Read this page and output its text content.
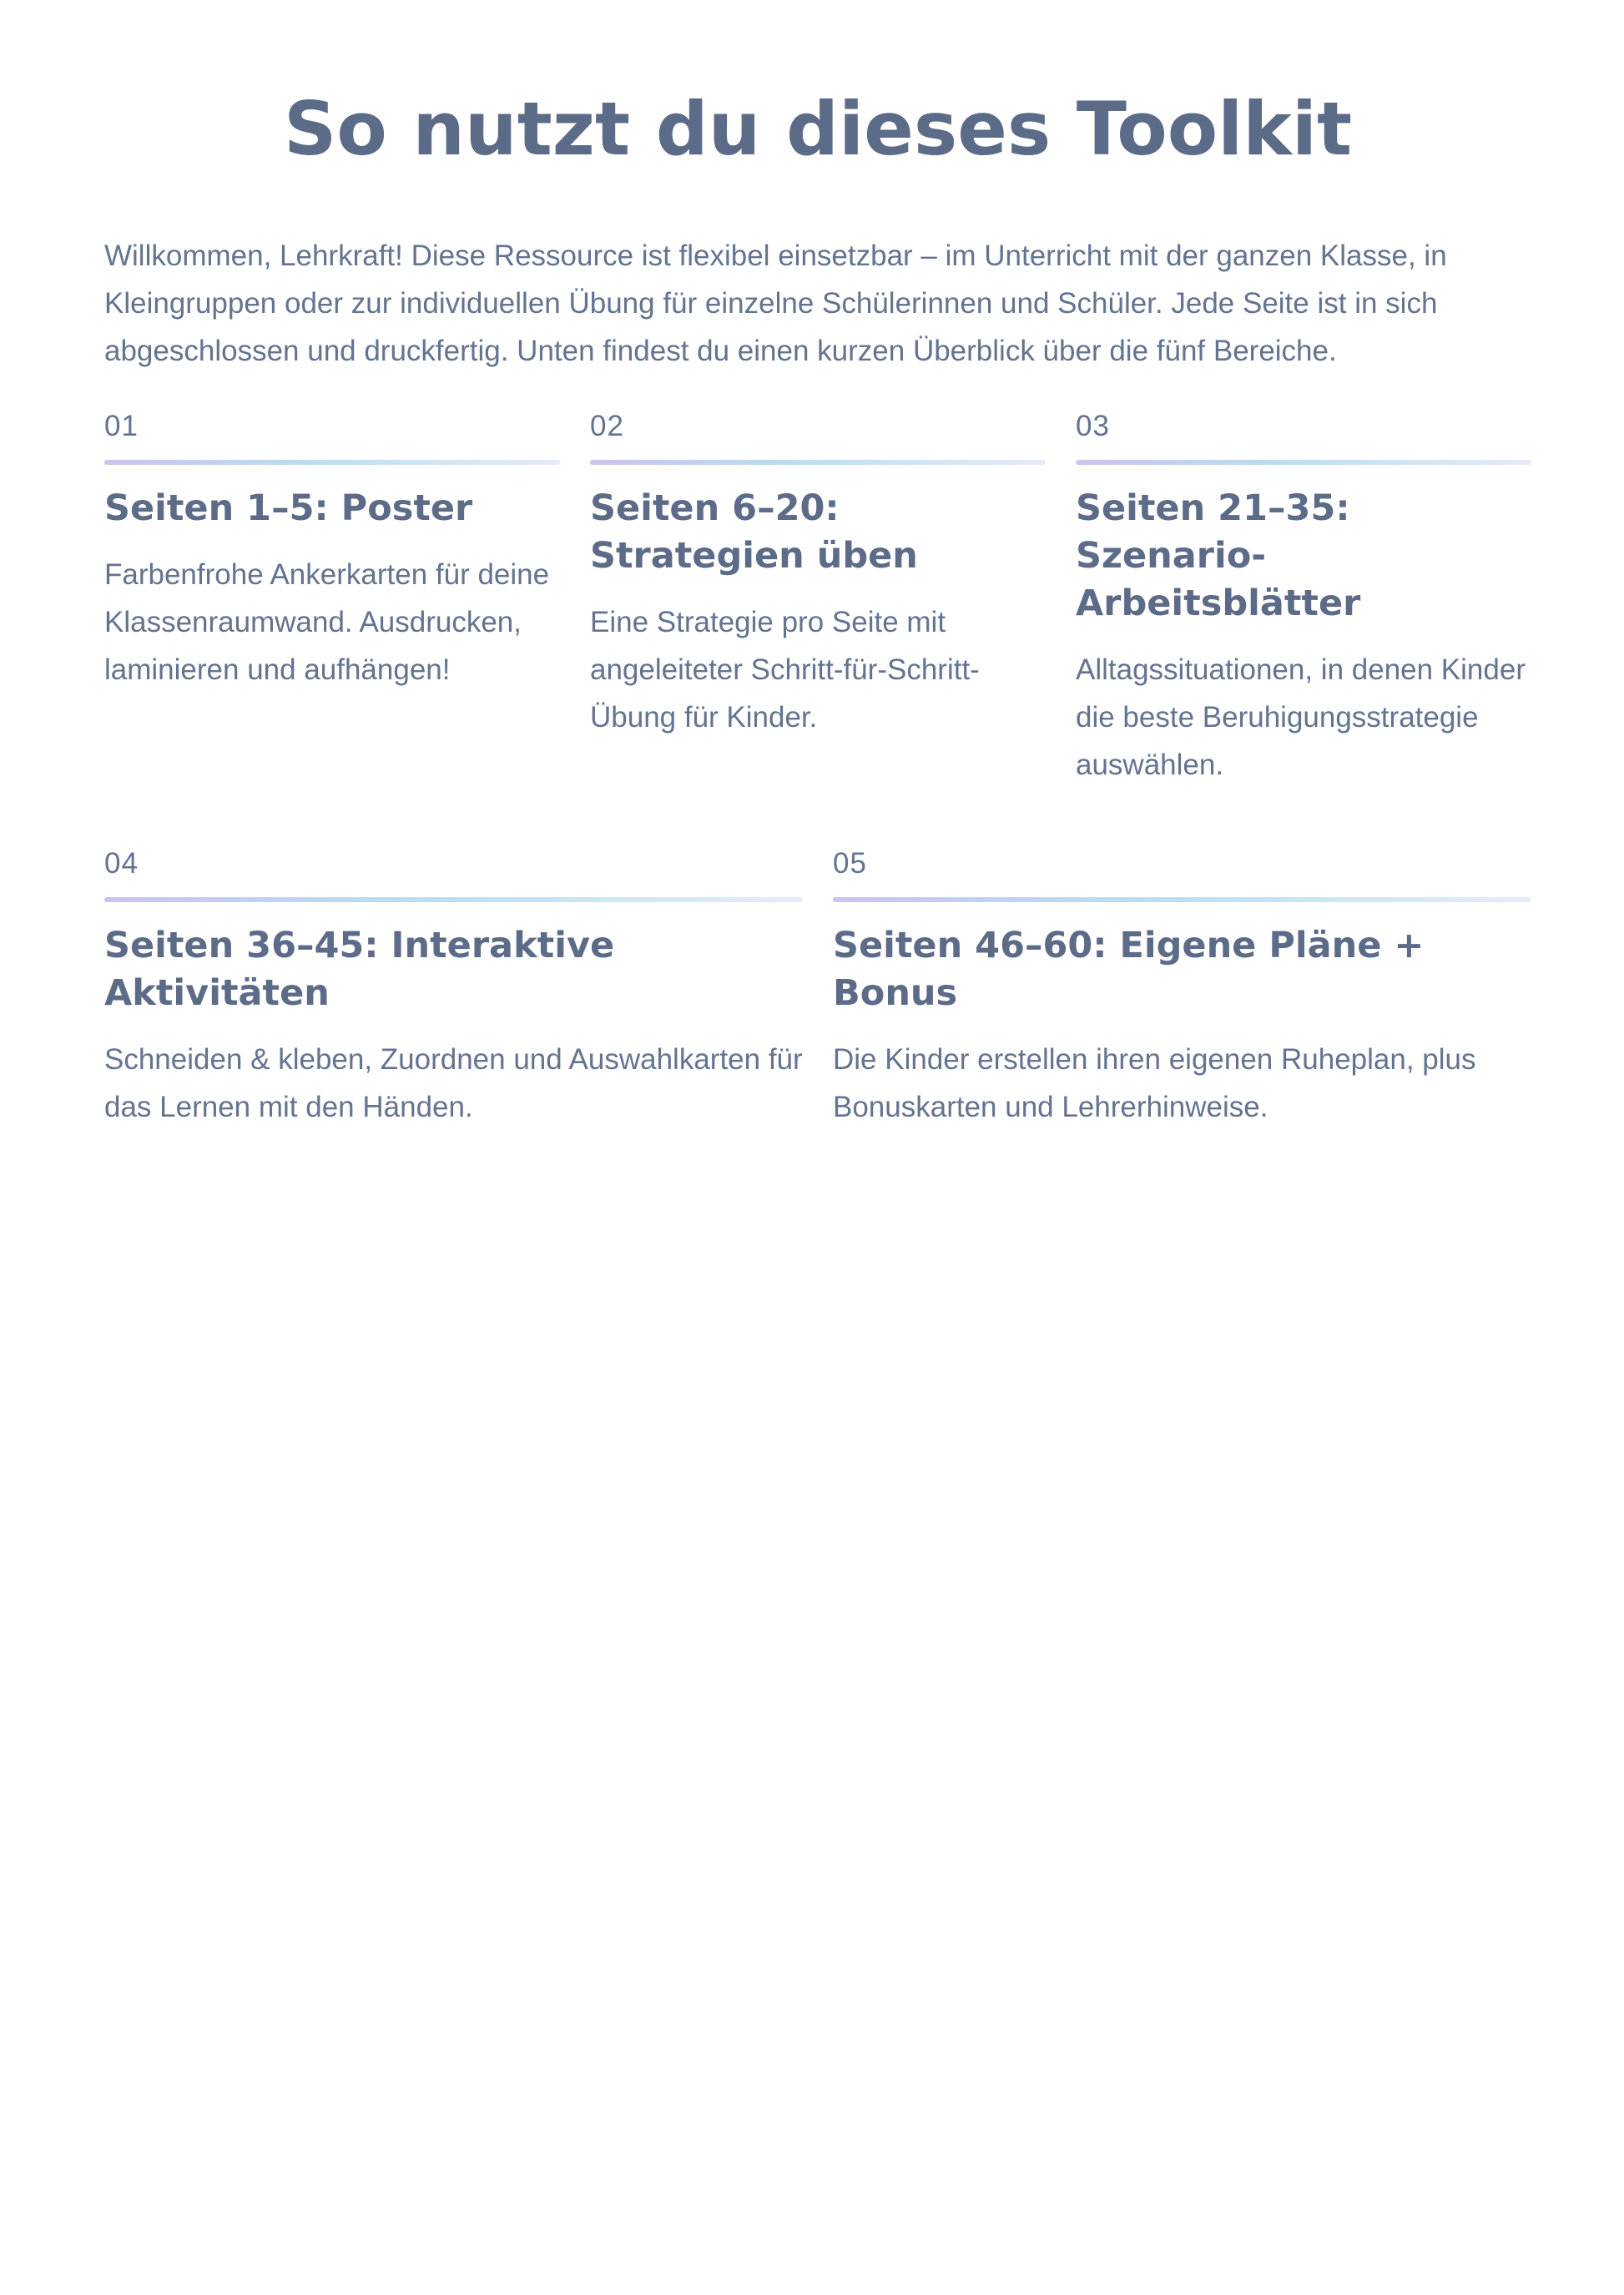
So nutzt du dieses Toolkit

Willkommen, Lehrkraft! Diese Ressource ist flexibel einsetzbar – im Unterricht mit der ganzen Klasse, in Kleingruppen oder zur individuellen Übung für einzelne Schülerinnen und Schüler. Jede Seite ist in sich abgeschlossen und druckfertig. Unten findest du einen kurzen Überblick über die fünf Bereiche.

01
Seiten 1–5: Poster

Farbenfrohe Ankerkarten für deine Klassenraumwand. Ausdrucken, laminieren und aufhängen!

02
Seiten 6–20: Strategien üben

Eine Strategie pro Seite mit angeleiteter Schritt-für-Schritt-Übung für Kinder.

03
Seiten 21–35: Szenario-Arbeitsblätter

Alltagssituationen, in denen Kinder die beste Beruhigungsstrategie auswählen.

04
Seiten 36–45: Interaktive Aktivitäten

Schneiden & kleben, Zuordnen und Auswahlkarten für das Lernen mit den Händen.

05
Seiten 46–60: Eigene Pläne + Bonus

Die Kinder erstellen ihren eigenen Ruheplan, plus Bonuskarten und Lehrerhinweise.
